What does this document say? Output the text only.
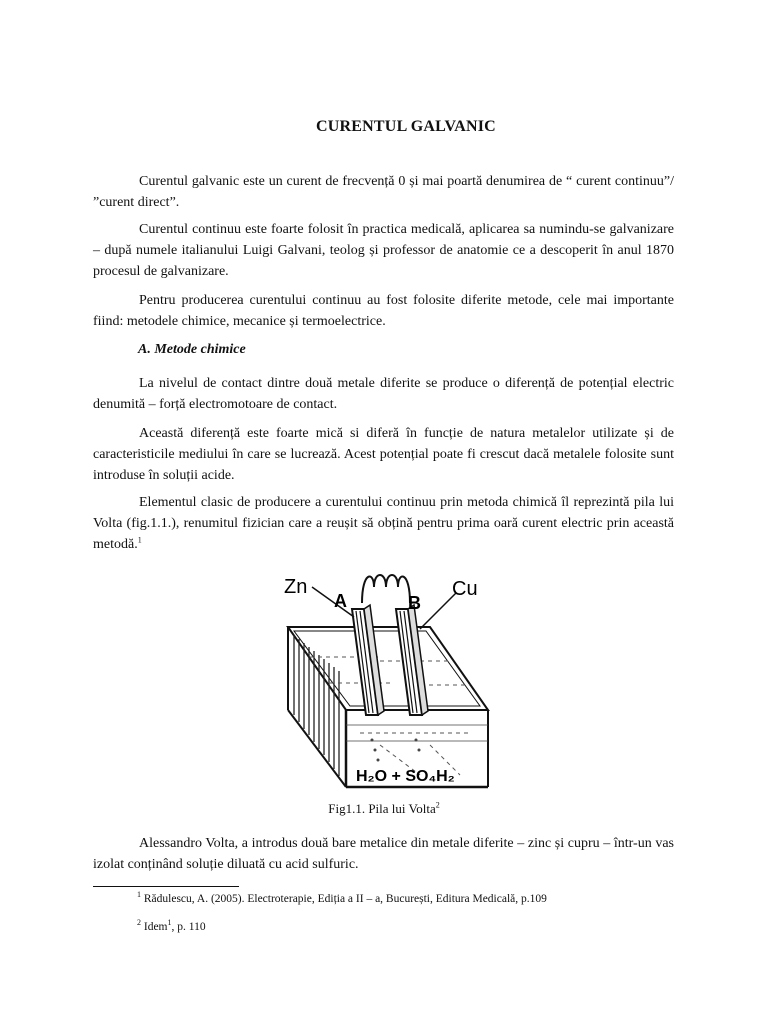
CURENTUL GALVANIC

Curentul galvanic este un curent de frecvență 0 și mai poartă denumirea de “ curent continuu”/ ”curent direct”.

Curentul continuu este foarte folosit în practica medicală, aplicarea sa numindu-se galvanizare – după numele italianului Luigi Galvani, teolog și professor de anatomie ce a descoperit în anul 1870 procesul de galvanizare.

Pentru producerea curentului continuu au fost folosite diferite metode, cele mai importante fiind: metodele chimice, mecanice și termoelectrice.

A. Metode chimice

La nivelul de contact dintre două metale diferite se produce o diferență de potențial electric denumită – forță electromotoare de contact.

Această diferență este foarte mică si diferă în funcție de natura metalelor utilizate și de caracteristicile mediului în care se lucrează. Acest potențial poate fi crescut dacă metalele folosite sunt introduse în soluții acide.

Elementul clasic de producere a curentului continuu prin metoda chimică îl reprezintă pila lui Volta (fig.1.1.), renumitul fizician care a reușit să obțină pentru prima oară curent electric prin această metodă.$^1$

Zn
A	B
Cu
H₂O + SO₄H₂
Fig1.1. Pila lui Volta$^2$

Alessandro Volta, a introdus două bare metalice din metale diferite – zinc și cupru – într-un vas izolat conținând soluție diluată cu acid sulfuric.

$^1$ Rădulescu, A. (2005). Electroterapie, Ediția a II – a, București, Editura Medicală, p.109
$^2$ Idem$^1$, p. 110
